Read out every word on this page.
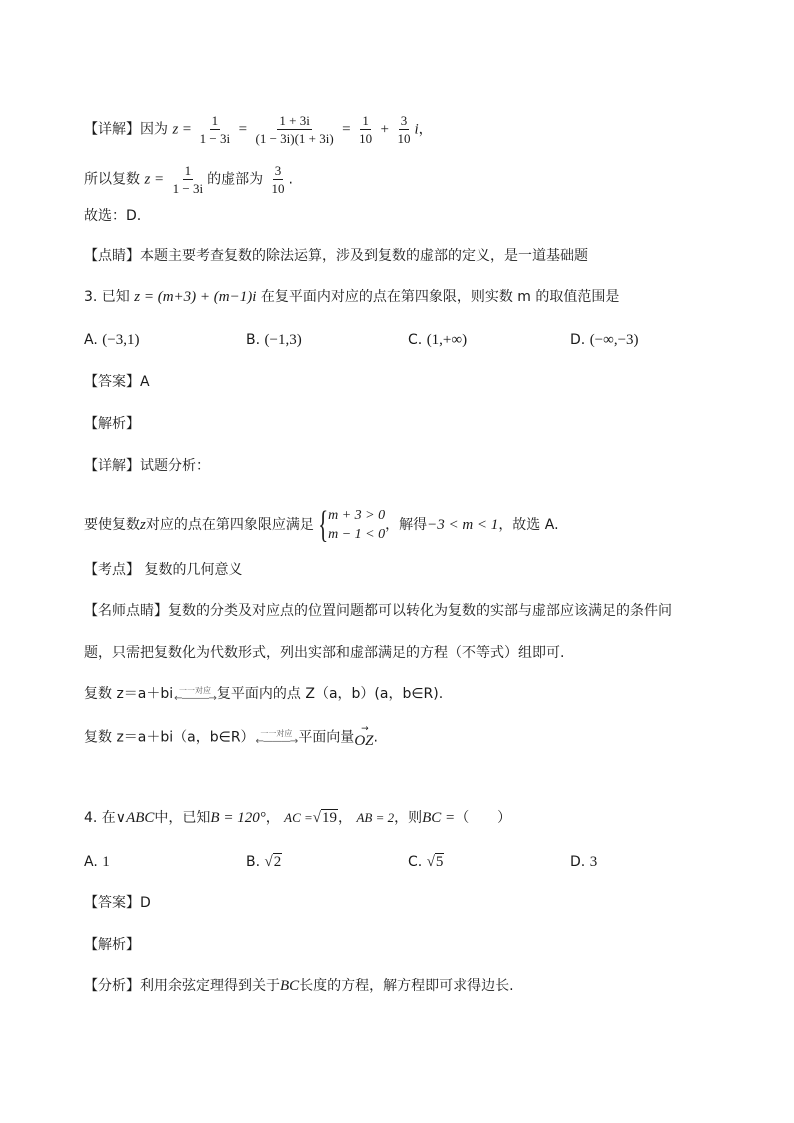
【详解】因为 $z = \frac{1}{1 - 3i} = \frac{1 + 3i}{(1 - 3i)(1 + 3i)} = \frac{1}{10} + \frac{3}{10}$ i，
所以复数 $z = \frac{1}{1 - 3i}$ 的虚部为 $\frac{3}{10}$ .
故选：D.
【点睛】本题主要考查复数的除法运算，涉及到复数的虚部的定义，是一道基础题
3. 已知 z = (m+3) + (m−1)i 在复平面内对应的点在第四象限，则实数 m 的取值范围是
A. (−3,1)	B. (−1,3)	C. (1,+∞)	D. (−∞,−3)
【答案】A
【解析】
【详解】试题分析：
要使复数z对应的点在第四象限应满足 { m + 3 > 0
m − 1 < 0
，解得−3 < m < 1，故选 A.
【考点】 复数的几何意义
【名师点睛】复数的分类及对应点的位置问题都可以转化为复数的实部与虚部应该满足的条件问
题，只需把复数化为代数形式，列出实部和虚部满足的方程（不等式）组即可.
复数 z＝a＋bi 一一对应
←———→ 复平面内的点 Z（a，b）(a，b∈R).
复数 z＝a＋bi（a，b∈R） 一一对应
←———→ 平面向量
→
OZ .
4. 在∨ABC中，已知B = 120°， AC =√19， AB = 2，则BC =（　　）
A. 1	B. √2	C. √5	D. 3
【答案】D
【解析】
【分析】利用余弦定理得到关于BC长度的方程，解方程即可求得边长.
